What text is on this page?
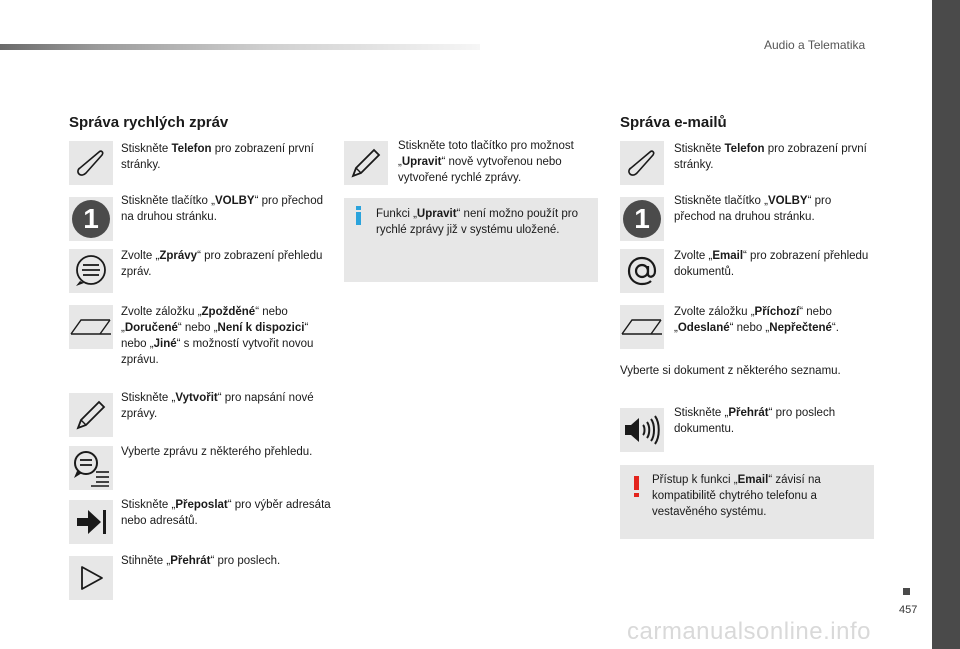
Audio a Telematika
Správa rychlých zpráv
Stiskněte Telefon pro zobrazení první stránky.
1
Stiskněte tlačítko „VOLBY“ pro přechod na druhou stránku.
Zvolte „Zprávy“ pro zobrazení přehledu zpráv.
Zvolte záložku „Zpožděné“ nebo „Doručené“ nebo „Není k dispozici“ nebo „Jiné“ s možností vytvořit novou zprávu.
Stiskněte „Vytvořit“ pro napsání nové zprávy.
Vyberte zprávu z některého přehledu.
Stiskněte „Přeposlat“ pro výběr adresáta nebo adresátů.
Stihněte „Přehrát“ pro poslech.
Stiskněte toto tlačítko pro možnost „Upravit“ nově vytvořenou nebo vytvořené rychlé zprávy.
Funkci „Upravit“ není možno použít pro rychlé zprávy již v systému uložené.
Správa e-mailů
Stiskněte Telefon pro zobrazení první stránky.
1
Stiskněte tlačítko „VOLBY“ pro přechod na druhou stránku.
Zvolte „Email“ pro zobrazení přehledu dokumentů.
Zvolte záložku „Příchozí“ nebo „Odeslané“ nebo „Nepřečtené“.
Vyberte si dokument z některého seznamu.
Stiskněte „Přehrát“ pro poslech dokumentu.
Přístup k funkci „Email“ závisí na kompatibilitě chytrého telefonu a vestavěného systému.
457
carmanualsonline.info
